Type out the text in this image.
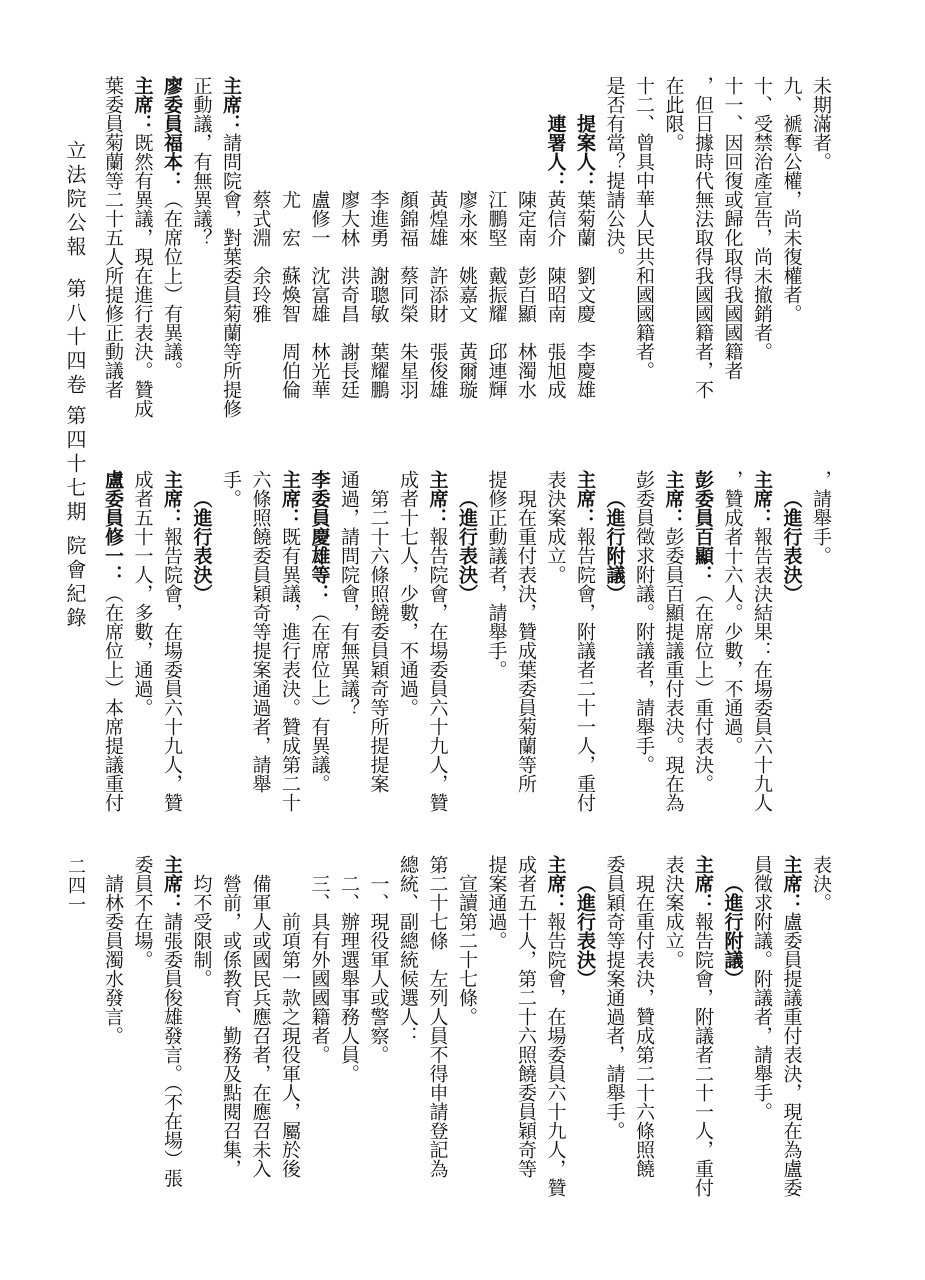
立法院公報
第八十四卷
第四十七期
院會紀錄
二四一
未期滿者。
九、褫奪公權，尚未復權者。
十、受禁治產宣告，尚未撤銷者。
十一、因回復或歸化取得我國國籍者
，但日據時代無法取得我國國籍者，不
在此限。
十二、曾具中華人民共和國國籍者。
是否有當？提請公決。
提案人：葉菊蘭　劉文慶　李慶雄
連署人：黃信介　陳昭南　張旭成
陳定南　彭百顯　林濁水
江鵬堅　戴振耀　邱連輝
廖永來　姚嘉文　黃爾璇
黃煌雄　許添財　張俊雄
顏錦福　蔡同榮　朱星羽
李進勇　謝聰敏　葉耀鵬
廖大林　洪奇昌　謝長廷
盧修一　沈富雄　林光華
尤　宏　蘇煥智　周伯倫
蔡式淵　余玲雅
主席：請問院會，對葉委員菊蘭等所提修
正動議，有無異議？
廖委員福本：（在席位上）有異議。
主席：既然有異議，現在進行表決。贊成
葉委員菊蘭等二十五人所提修正動議者
，請舉手。
（進行表決）
主席：報告表決結果：在場委員六十九人
，贊成者十六人。少數，不通過。
彭委員百顯：（在席位上）重付表決。
主席：彭委員百顯提議重付表決。現在為
彭委員徵求附議。附議者，請舉手。
（進行附議）
主席：報告院會，附議者二十一人，重付
表決案成立。
現在重付表決，贊成葉委員菊蘭等所
提修正動議者，請舉手。
（進行表決）
主席：報告院會，在場委員六十九人，贊
成者十七人，少數，不通過。
第二十六條照饒委員穎奇等所提提案
通過，請問院會，有無異議？
李委員慶雄等：（在席位上）有異議。
主席：既有異議，進行表決。贊成第二十
六條照饒委員穎奇等提案通過者，請舉
手。
（進行表決）
主席：報告院會，在場委員六十九人，贊
成者五十一人，多數，通過。
盧委員修一：（在席位上）本席提議重付
表決。
主席：盧委員提議重付表決，現在為盧委
員徵求附議。附議者，請舉手。
（進行附議）
主席：報告院會，附議者二十一人，重付
表決案成立。
現在重付表決，贊成第二十六條照饒
委員穎奇等提案通過者，請舉手。
（進行表決）
主席：報告院會，在場委員六十九人，贊
成者五十人，第二十六照饒委員穎奇等
提案通過。
宣讀第二十七條。
第二十七條　左列人員不得申請登記為
總統、副總統候選人：
一、現役軍人或警察。
二、辦理選舉事務人員。
三、具有外國國籍者。
前項第一款之現役軍人，屬於後
備軍人或國民兵應召者，在應召未入
營前，或係教育、勤務及點閱召集，
均不受限制。
主席：請張委員俊雄發言。（不在場）張
委員不在場。
請林委員濁水發言。
